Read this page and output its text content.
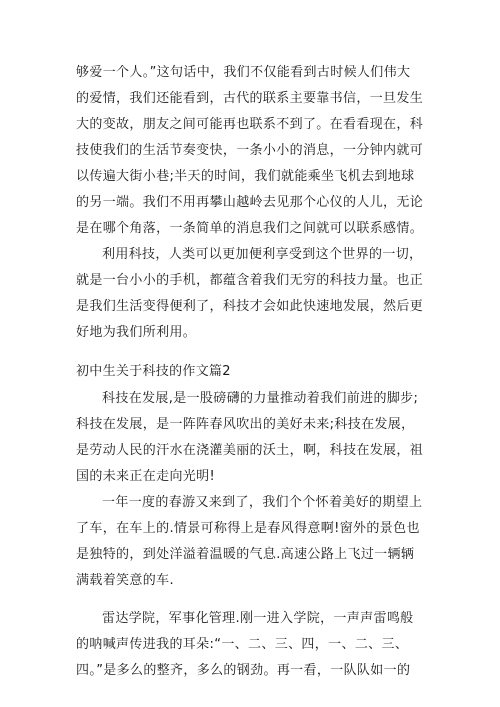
够爱一个人。”这句话中，我们不仅能看到古时候人们伟大
的爱情，我们还能看到，古代的联系主要靠书信，一旦发生
大的变故，朋友之间可能再也联系不到了。在看看现在，科
技使我们的生活节奏变快，一条小小的消息，一分钟内就可
以传遍大街小巷;半天的时间，我们就能乘坐飞机去到地球
的另一端。我们不用再攀山越岭去见那个心仪的人儿，无论
是在哪个角落，一条简单的消息我们之间就可以联系感情。
利用科技，人类可以更加便利享受到这个世界的一切，
就是一台小小的手机，都蕴含着我们无穷的科技力量。也正
是我们生活变得便利了，科技才会如此快速地发展，然后更
好地为我们所利用。
初中生关于科技的作文篇2
科技在发展,是一股磅礴的力量推动着我们前进的脚步;
科技在发展，是一阵阵春风吹出的美好未来;科技在发展，
是劳动人民的汗水在浇灌美丽的沃土，啊，科技在发展，祖
国的未来正在走向光明!
一年一度的春游又来到了，我们个个怀着美好的期望上
了车，在车上的.情景可称得上是春风得意啊!窗外的景色也
是独特的，到处洋溢着温暖的气息.高速公路上飞过一辆辆
满载着笑意的车.
雷达学院，军事化管理.刚一进入学院，一声声雷鸣般
的呐喊声传进我的耳朵:“一、二、三、四，一、二、三、
四。”是多么的整齐，多么的钢劲。再一看，一队队如一的
